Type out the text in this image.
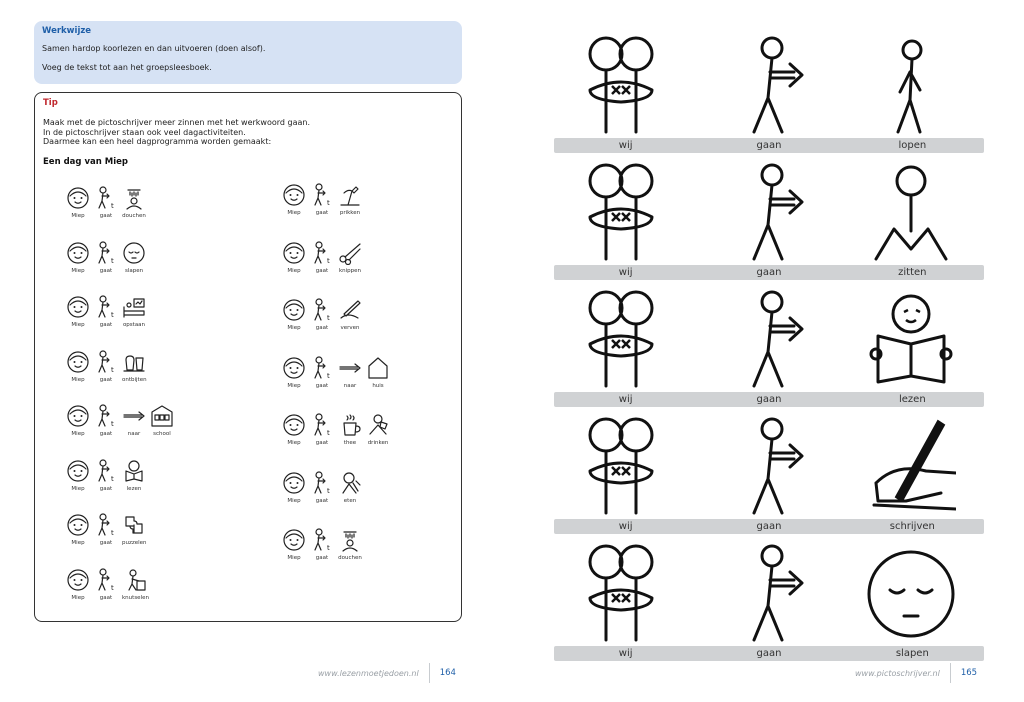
Werkwijze

Samen hardop koorlezen en dan uitvoeren (doen alsof).

Voeg de tekst tot aan het groepsleesboek.

Tip

Maak met de pictoschrijver meer zinnen met het werkwoord gaan.

In de pictoschrijver staan ook veel dagactiviteiten.

Daarmee kan een heel dagprogramma worden gemaakt:

Een dag van Miep
Miep
t
gaat douchen
Miep
t
gaat slapen
Miep
t
gaat opstaan
Miep
t
gaat ontbijten
Miep
t
gaat	naar school
Miep
t
gaat	lezen
Miep
t
gaat puzzelen
Miep
t
gaat knutselen
Miep
t
gaat prikken
Miep
t
gaat knippen
Miep
t
gaat verven
Miep
t
gaat	naar	huis
Miep
t
gaat	thee drinken
Miep
t
gaat	eten
Miep
t
gaat douchen
www.lezenmoetjedoen.nl 164
wij	gaan	lopen
wij	gaan	zitten
wij	gaan	lezen
wij	gaan	schrijven
wij	gaan	slapen
www.pictoschrijver.nl 165
